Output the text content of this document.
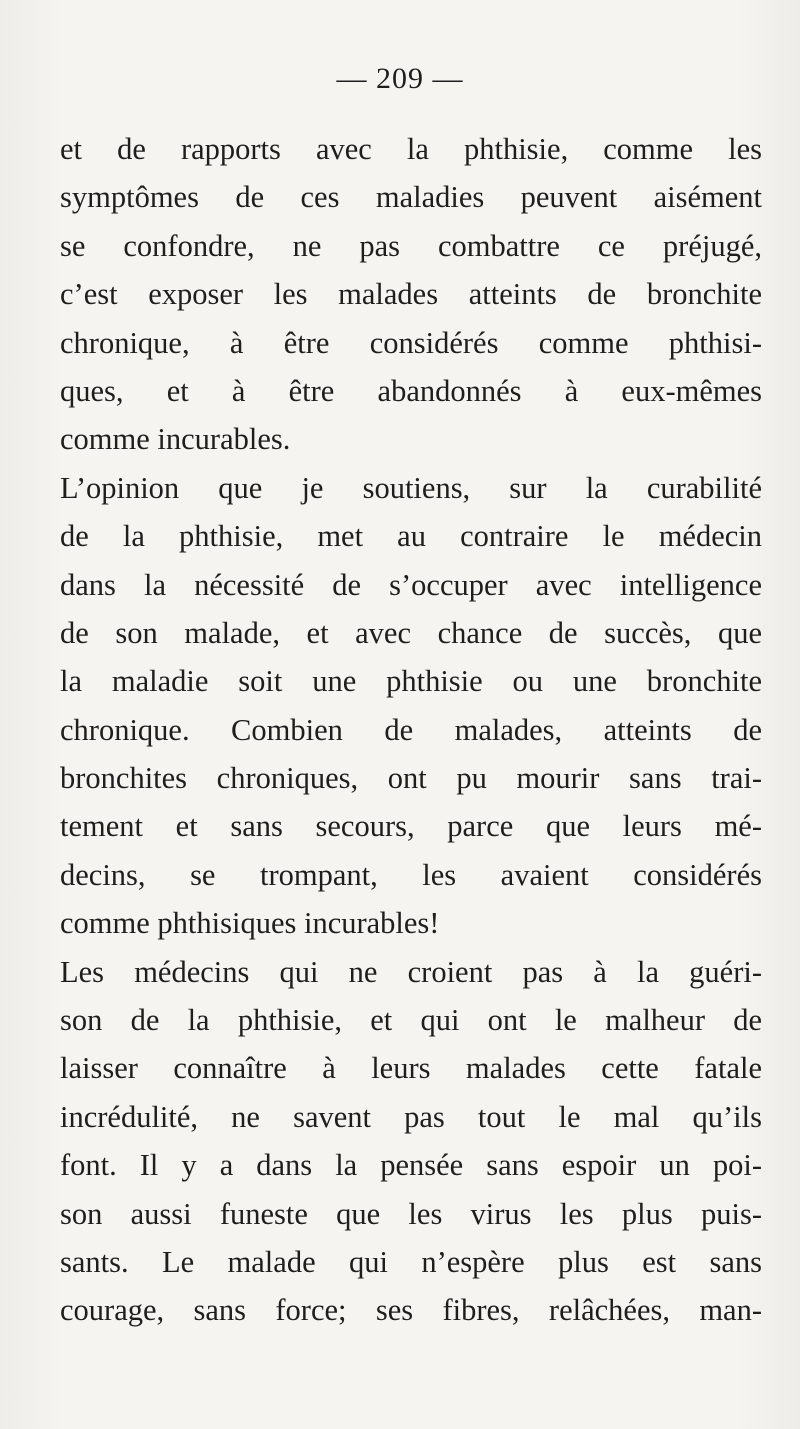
— 209 —
et de rapports avec la phthisie, comme les
symptômes de ces maladies peuvent aisément
se confondre, ne pas combattre ce préjugé,
c’est exposer les malades atteints de bronchite
chronique, à être considérés comme phthisi-
ques, et à être abandonnés à eux-mêmes
comme incurables.
L’opinion que je soutiens, sur la curabilité
de la phthisie, met au contraire le médecin
dans la nécessité de s’occuper avec intelligence
de son malade, et avec chance de succès, que
la maladie soit une phthisie ou une bronchite
chronique. Combien de malades, atteints de
bronchites chroniques, ont pu mourir sans trai-
tement et sans secours, parce que leurs mé-
decins, se trompant, les avaient considérés
comme phthisiques incurables!
Les médecins qui ne croient pas à la guéri-
son de la phthisie, et qui ont le malheur de
laisser connaître à leurs malades cette fatale
incrédulité, ne savent pas tout le mal qu’ils
font. Il y a dans la pensée sans espoir un poi-
son aussi funeste que les virus les plus puis-
sants. Le malade qui n’espère plus est sans
courage, sans force; ses fibres, relâchées, man-
